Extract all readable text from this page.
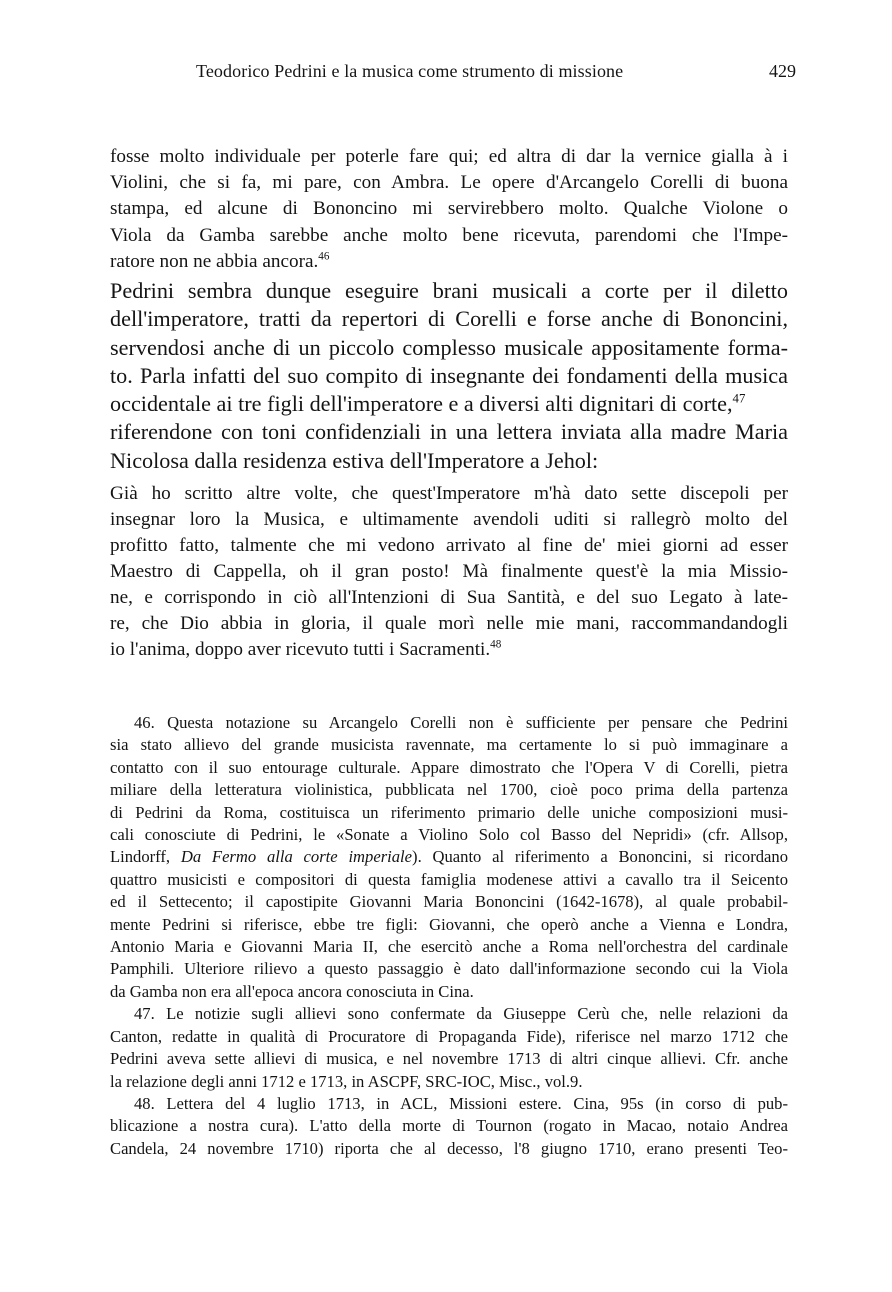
Teodorico Pedrini e la musica come strumento di missione	429
fosse molto individuale per poterle fare qui; ed altra di dar la vernice gialla à i
Violini, che si fa, mi pare, con Ambra. Le opere d'Arcangelo Corelli di buona
stampa, ed alcune di Bononcino mi servirebbero molto. Qualche Violone o
Viola da Gamba sarebbe anche molto bene ricevuta, parendomi che l'Impe-
ratore non ne abbia ancora.$^{46}$
Pedrini sembra dunque eseguire brani musicali a corte per il diletto
dell'imperatore, tratti da repertori di Corelli e forse anche di Bononcini,
servendosi anche di un piccolo complesso musicale appositamente forma-
to. Parla infatti del suo compito di insegnante dei fondamenti della musica
occidentale ai tre figli dell'imperatore e a diversi alti dignitari di corte,$^{47}$
riferendone con toni confidenziali in una lettera inviata alla madre Maria
Nicolosa dalla residenza estiva dell'Imperatore a Jehol:
Già ho scritto altre volte, che quest'Imperatore m'hà dato sette discepoli per
insegnar loro la Musica, e ultimamente avendoli uditi si rallegrò molto del
profitto fatto, talmente che mi vedono arrivato al fine de' miei giorni ad esser
Maestro di Cappella, oh il gran posto! Mà finalmente quest'è la mia Missio-
ne, e corrispondo in ciò all'Intenzioni di Sua Santità, e del suo Legato à late-
re, che Dio abbia in gloria, il quale morì nelle mie mani, raccommandandogli
io l'anima, doppo aver ricevuto tutti i Sacramenti.$^{48}$
46. Questa notazione su Arcangelo Corelli non è sufficiente per pensare che Pedrini
sia stato allievo del grande musicista ravennate, ma certamente lo si può immaginare a
contatto con il suo entourage culturale. Appare dimostrato che l'Opera V di Corelli, pietra
miliare della letteratura violinistica, pubblicata nel 1700, cioè poco prima della partenza
di Pedrini da Roma, costituisca un riferimento primario delle uniche composizioni musi-
cali conosciute di Pedrini, le «Sonate a Violino Solo col Basso del Nepridi» (cfr. Allsop,
Lindorff, Da Fermo alla corte imperiale). Quanto al riferimento a Bononcini, si ricordano
quattro musicisti e compositori di questa famiglia modenese attivi a cavallo tra il Seicento
ed il Settecento; il capostipite Giovanni Maria Bononcini (1642-1678), al quale probabil-
mente Pedrini si riferisce, ebbe tre figli: Giovanni, che operò anche a Vienna e Londra,
Antonio Maria e Giovanni Maria II, che esercitò anche a Roma nell'orchestra del cardinale
Pamphili. Ulteriore rilievo a questo passaggio è dato dall'informazione secondo cui la Viola
da Gamba non era all'epoca ancora conosciuta in Cina.
47. Le notizie sugli allievi sono confermate da Giuseppe Cerù che, nelle relazioni da
Canton, redatte in qualità di Procuratore di Propaganda Fide), riferisce nel marzo 1712 che
Pedrini aveva sette allievi di musica, e nel novembre 1713 di altri cinque allievi. Cfr. anche
la relazione degli anni 1712 e 1713, in ASCPF, SRC-IOC, Misc., vol.9.
48. Lettera del 4 luglio 1713, in ACL, Missioni estere. Cina, 95s (in corso di pub-
blicazione a nostra cura). L'atto della morte di Tournon (rogato in Macao, notaio Andrea
Candela, 24 novembre 1710) riporta che al decesso, l'8 giugno 1710, erano presenti Teo-
